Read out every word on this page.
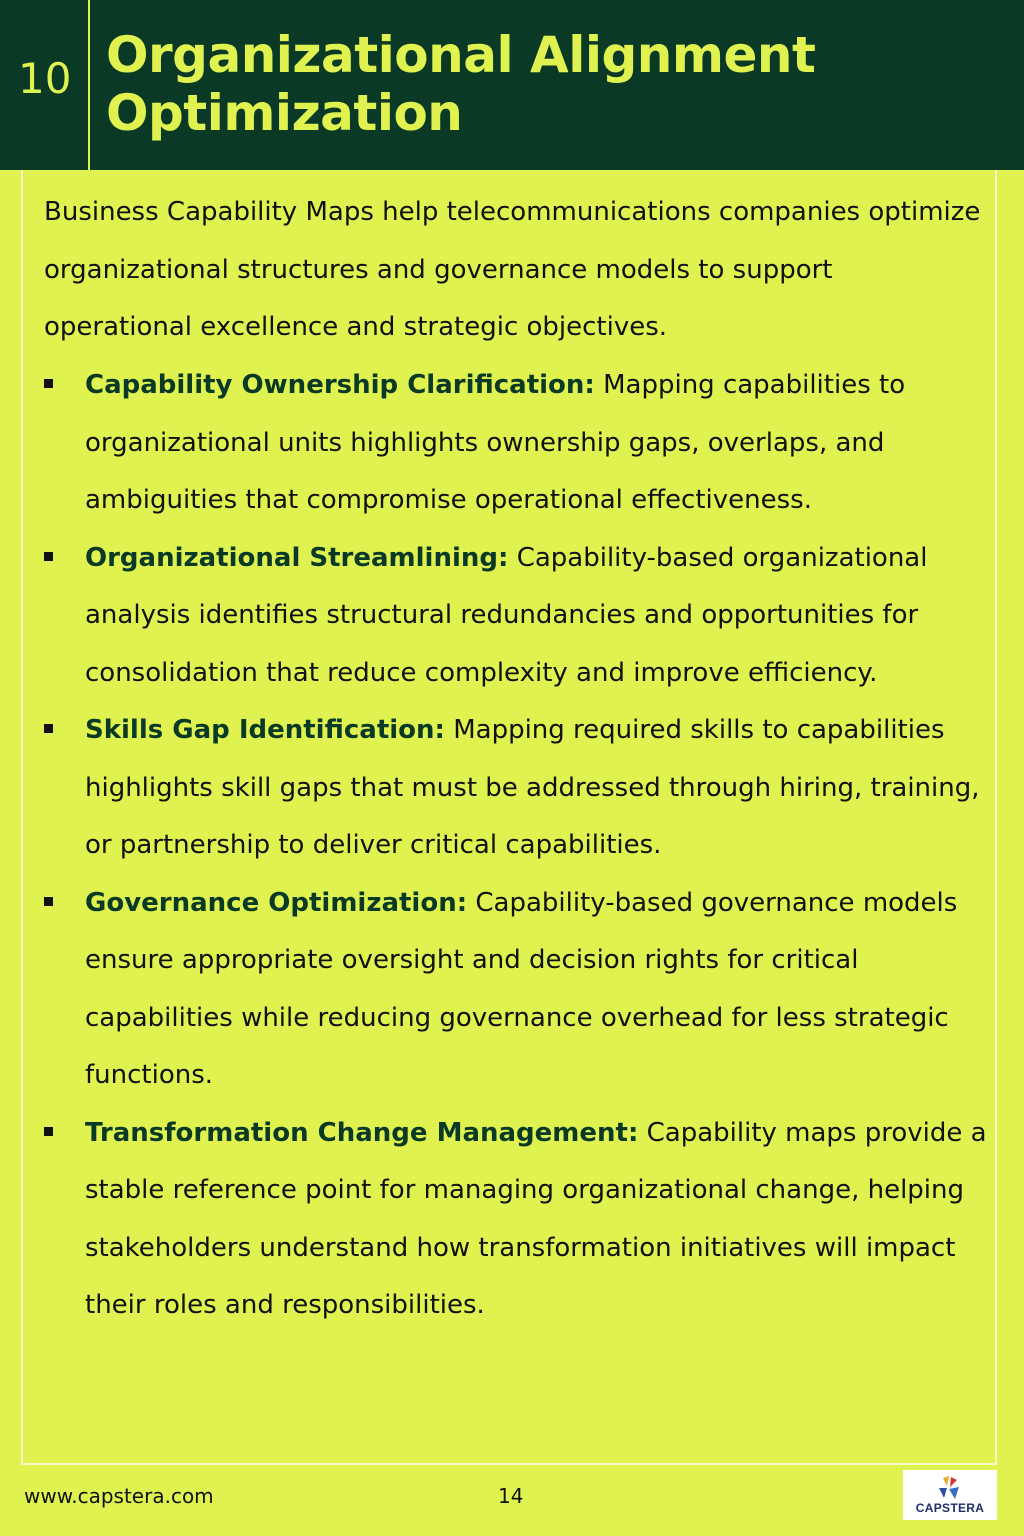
10 Organizational Alignment
Optimization

Business Capability Maps help telecommunications companies optimize organizational structures and governance models to support operational excellence and strategic objectives.

Capability Ownership Clarification: Mapping capabilities to organizational units highlights ownership gaps, overlaps, and ambiguities that compromise operational effectiveness.
Organizational Streamlining: Capability-based organizational analysis identifies structural redundancies and opportunities for consolidation that reduce complexity and improve efficiency.
Skills Gap Identification: Mapping required skills to capabilities highlights skill gaps that must be addressed through hiring, training, or partnership to deliver critical capabilities.
Governance Optimization: Capability-based governance models ensure appropriate oversight and decision rights for critical capabilities while reducing governance overhead for less strategic functions.
Transformation Change Management: Capability maps provide a stable reference point for managing organizational change, helping stakeholders understand how transformation initiatives will impact their roles and responsibilities.
www.capstera.com	14	CAPSTERA
